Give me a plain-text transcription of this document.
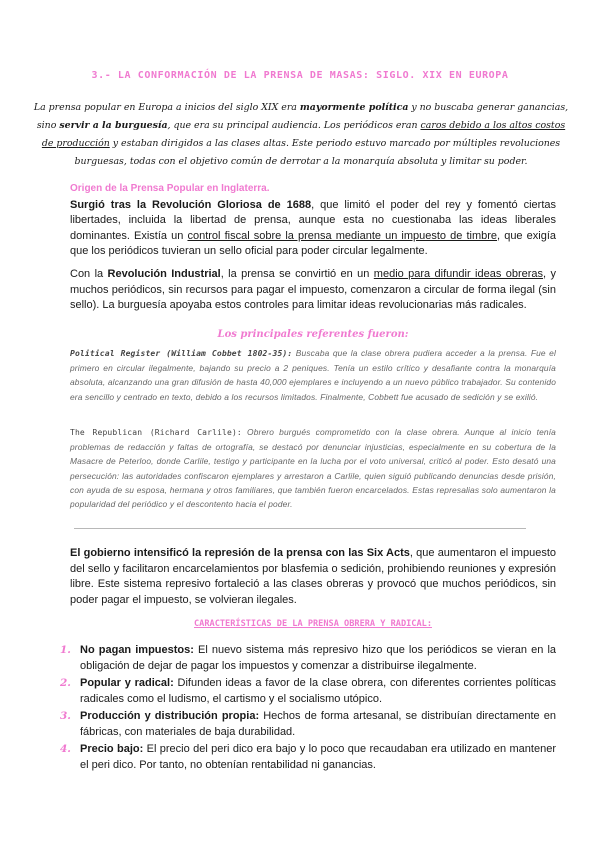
3.- LA CONFORMACIÓN DE LA PRENSA DE MASAS: SIGLO. XIX EN EUROPA
La prensa popular en Europa a inicios del siglo XIX era mayormente política y no buscaba generar ganancias, sino servir a la burguesía, que era su principal audiencia. Los periódicos eran caros debido a los altos costos de producción y estaban dirigidos a las clases altas. Este periodo estuvo marcado por múltiples revoluciones burguesas, todas con el objetivo común de derrotar a la monarquía absoluta y limitar su poder.
Origen de la Prensa Popular en Inglaterra.
Surgió tras la Revolución Gloriosa de 1688, que limitó el poder del rey y fomentó ciertas libertades, incluida la libertad de prensa, aunque esta no cuestionaba las ideas liberales dominantes. Existía un control fiscal sobre la prensa mediante un impuesto de timbre, que exigía que los periódicos tuvieran un sello oficial para poder circular legalmente.
Con la Revolución Industrial, la prensa se convirtió en un medio para difundir ideas obreras, y muchos periódicos, sin recursos para pagar el impuesto, comenzaron a circular de forma ilegal (sin sello). La burguesía apoyaba estos controles para limitar ideas revolucionarias más radicales.
Los principales referentes fueron:
Political Register (William Cobbet 1802-35): Buscaba que la clase obrera pudiera acceder a la prensa. Fue el primero en circular ilegalmente, bajando su precio a 2 peniques. Tenía un estilo crítico y desafiante contra la monarquía absoluta, alcanzando una gran difusión de hasta 40,000 ejemplares e incluyendo a un nuevo público trabajador. Su contenido era sencillo y centrado en texto, debido a los recursos limitados. Finalmente, Cobbett fue acusado de sedición y se exilió.
The Republican (Richard Carlile): Obrero burgués comprometido con la clase obrera. Aunque al inicio tenía problemas de redacción y faltas de ortografía, se destacó por denunciar injusticias, especialmente en su cobertura de la Masacre de Peterloo, donde Carlile, testigo y participante en la lucha por el voto universal, criticó al poder. Esto desató una persecución: las autoridades confiscaron ejemplares y arrestaron a Carlile, quien siguió publicando denuncias desde prisión, con ayuda de su esposa, hermana y otros familiares, que también fueron encarcelados. Estas represalias solo aumentaron la popularidad del periódico y el descontento hacia el poder.
El gobierno intensificó la represión de la prensa con las Six Acts, que aumentaron el impuesto del sello y facilitaron encarcelamientos por blasfemia o sedición, prohibiendo reuniones y expresión libre. Este sistema represivo fortaleció a las clases obreras y provocó que muchos periódicos, sin poder pagar el impuesto, se volvieran ilegales.
CARACTERÍSTICAS DE LA PRENSA OBRERA Y RADICAL:
1. No pagan impuestos: El nuevo sistema más represivo hizo que los periódicos se vieran en la obligación de dejar de pagar los impuestos y comenzar a distribuirse ilegalmente.
2. Popular y radical: Difunden ideas a favor de la clase obrera, con diferentes corrientes políticas radicales como el ludismo, el cartismo y el socialismo utópico.
3. Producción y distribución propia: Hechos de forma artesanal, se distribuían directamente en fábricas, con materiales de baja durabilidad.
4. Precio bajo: El precio del peri dico era bajo y lo poco que recaudaban era utilizado en mantener el peri dico. Por tanto, no obtenían rentabilidad ni ganancias.
